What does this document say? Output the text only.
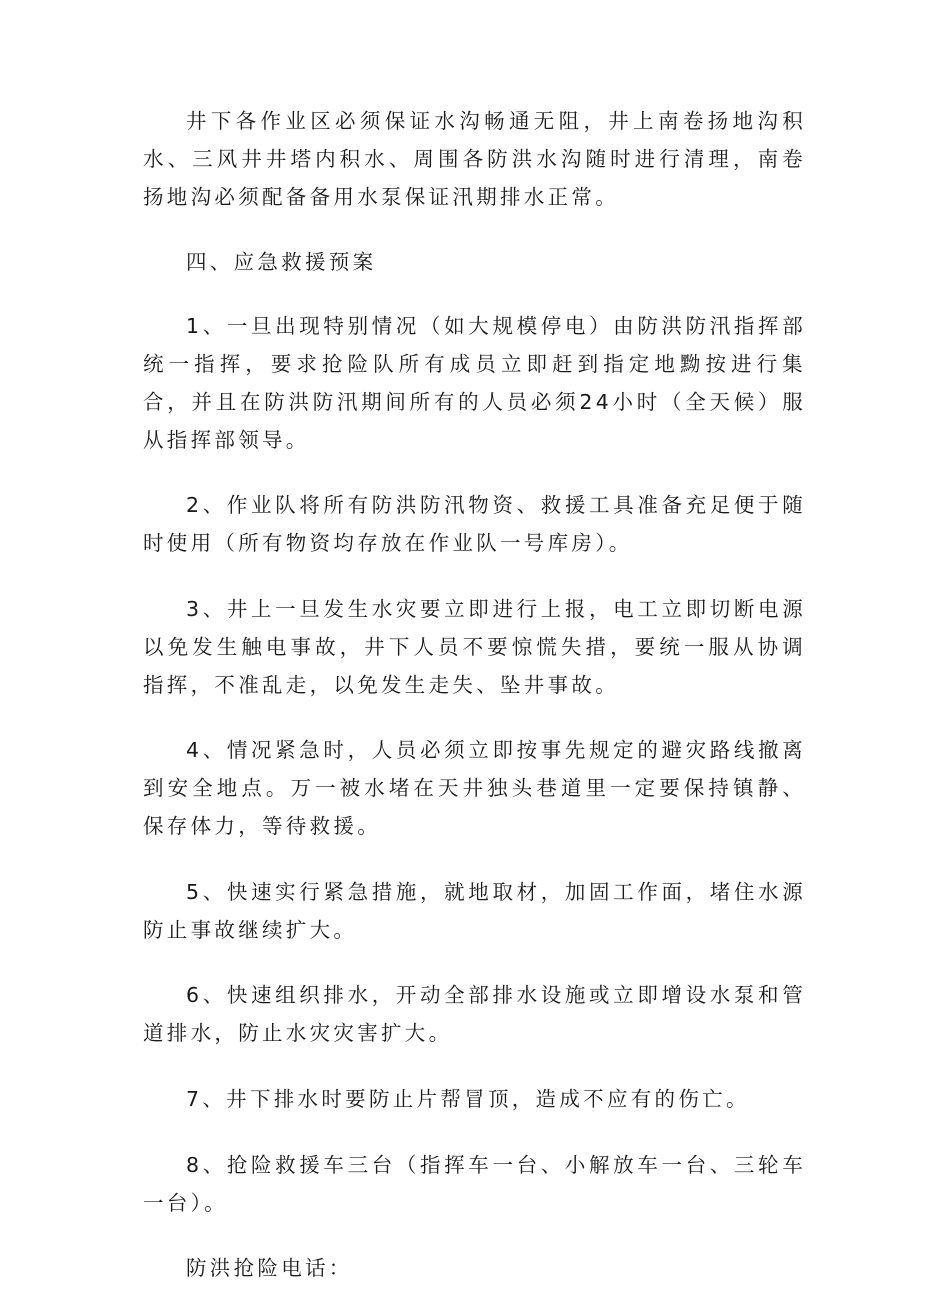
井下各作业区必须保证水沟畅通无阻，井上南卷扬地沟积水、三风井井塔内积水、周围各防洪水沟随时进行清理，南卷扬地沟必须配备备用水泵保证汛期排水正常。

四、应急救援预案

1、一旦出现特别情况（如大规模停电）由防洪防汛指挥部统一指挥，要求抢险队所有成员立即赶到指定地黝按进行集合，并且在防洪防汛期间所有的人员必须24小时（全天候）服从指挥部领导。

2、作业队将所有防洪防汛物资、救援工具准备充足便于随时使用（所有物资均存放在作业队一号库房）。

3、井上一旦发生水灾要立即进行上报，电工立即切断电源以免发生触电事故，井下人员不要惊慌失措，要统一服从协调指挥，不准乱走，以免发生走失、坠井事故。

4、情况紧急时，人员必须立即按事先规定的避灾路线撤离到安全地点。万一被水堵在天井独头巷道里一定要保持镇静、保存体力，等待救援。

5、快速实行紧急措施，就地取材，加固工作面，堵住水源防止事故继续扩大。

6、快速组织排水，开动全部排水设施或立即增设水泵和管道排水，防止水灾灾害扩大。

7、井下排水时要防止片帮冒顶，造成不应有的伤亡。

8、抢险救援车三台（指挥车一台、小解放车一台、三轮车一台）。

防洪抢险电话：
